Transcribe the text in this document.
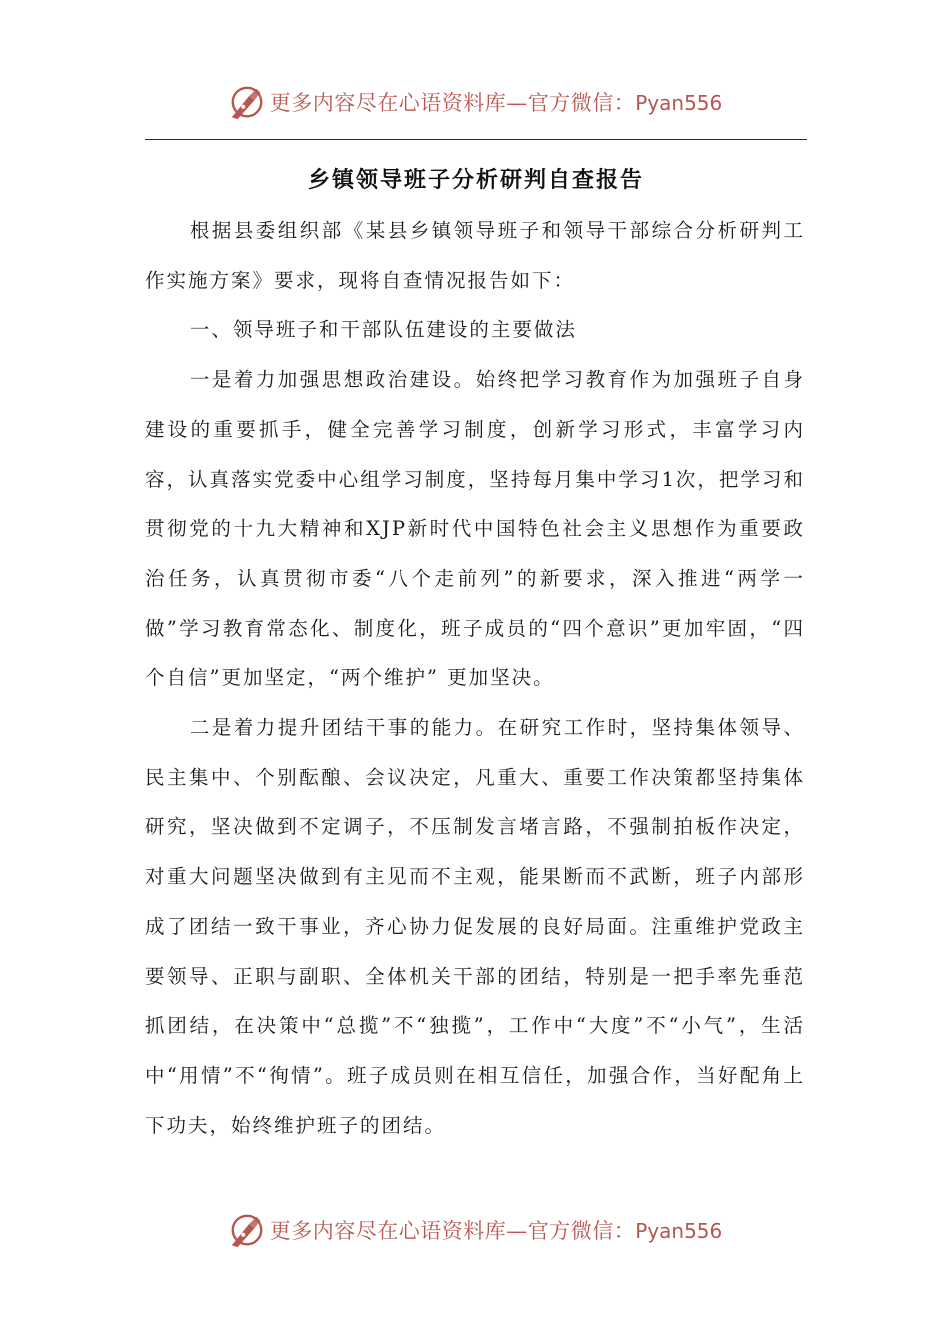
更多内容尽在心语资料库—官方微信：Pyan556
乡镇领导班子分析研判自查报告

根据县委组织部《某县乡镇领导班子和领导干部综合分析研判工作实施方案》要求，现将自查情况报告如下：

一、领导班子和干部队伍建设的主要做法

一是着力加强思想政治建设。始终把学习教育作为加强班子自身建设的重要抓手，健全完善学习制度，创新学习形式，丰富学习内容，认真落实党委中心组学习制度，坚持每月集中学习1次，把学习和贯彻党的十九大精神和XJP新时代中国特色社会主义思想作为重要政治任务，认真贯彻市委“八个走前列”的新要求，深入推进“两学一做”学习教育常态化、制度化，班子成员的“四个意识”更加牢固，“四个自信”更加坚定，“两个维护” 更加坚决。

二是着力提升团结干事的能力。在研究工作时，坚持集体领导、民主集中、个别酝酿、会议决定，凡重大、重要工作决策都坚持集体研究，坚决做到不定调子，不压制发言堵言路，不强制拍板作决定，对重大问题坚决做到有主见而不主观，能果断而不武断，班子内部形成了团结一致干事业，齐心协力促发展的良好局面。注重维护党政主要领导、正职与副职、全体机关干部的团结，特别是一把手率先垂范抓团结，在决策中“总揽”不“独揽”，工作中“大度”不“小气”，生活中“用情”不“徇情”。班子成员则在相互信任，加强合作，当好配角上下功夫，始终维护班子的团结。

更多内容尽在心语资料库—官方微信：Pyan556
